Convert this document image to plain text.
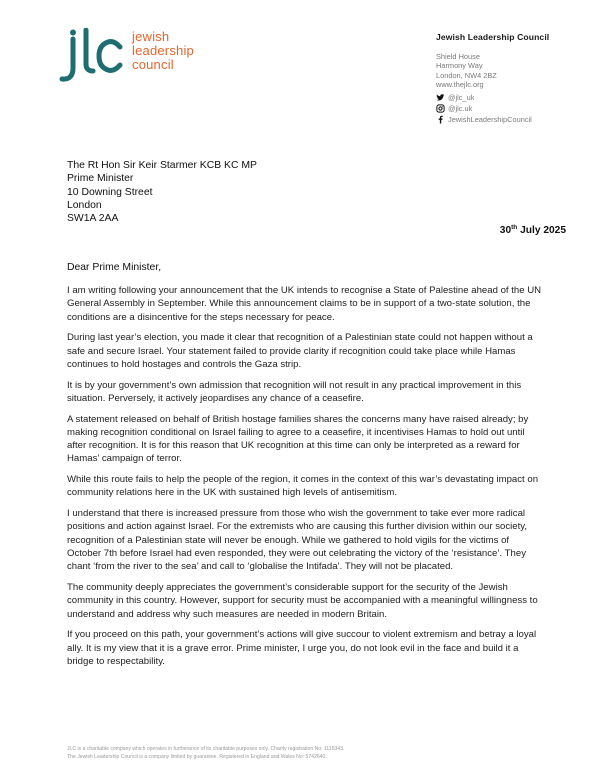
jewish
leadership
council
Jewish Leadership Council
Shield House
Harmony Way
London, NW4 2BZ
www.thejlc.org
@jlc_uk
@jlc.uk
JewishLeadershipCouncil
The Rt Hon Sir Keir Starmer KCB KC MP
Prime Minister
10 Downing Street
London
SW1A 2AA
30th July 2025
Dear Prime Minister,

I am writing following your announcement that the UK intends to recognise a State of Palestine ahead of the UN General Assembly in September. While this announcement claims to be in support of a two-state solution, the conditions are a disincentive for the steps necessary for peace.

During last year’s election, you made it clear that recognition of a Palestinian state could not happen without a safe and secure Israel. Your statement failed to provide clarity if recognition could take place while Hamas continues to hold hostages and controls the Gaza strip.

It is by your government’s own admission that recognition will not result in any practical improvement in this situation. Perversely, it actively jeopardises any chance of a ceasefire.

A statement released on behalf of British hostage families shares the concerns many have raised already; by making recognition conditional on Israel failing to agree to a ceasefire, it incentivises Hamas to hold out until after recognition. It is for this reason that UK recognition at this time can only be interpreted as a reward for Hamas’ campaign of terror.

While this route fails to help the people of the region, it comes in the context of this war’s devastating impact on community relations here in the UK with sustained high levels of antisemitism.

I understand that there is increased pressure from those who wish the government to take ever more radical positions and action against Israel. For the extremists who are causing this further division within our society, recognition of a Palestinian state will never be enough. While we gathered to hold vigils for the victims of October 7th before Israel had even responded, they were out celebrating the victory of the ‘resistance’. They chant ‘from the river to the sea’ and call to ‘globalise the Intifada’. They will not be placated.

The community deeply appreciates the government’s considerable support for the security of the Jewish community in this country. However, support for security must be accompanied with a meaningful willingness to understand and address why such measures are needed in modern Britain.

If you proceed on this path, your government’s actions will give succour to violent extremism and betray a loyal ally. It is my view that it is a grave error. Prime minister, I urge you, do not look evil in the face and build it a bridge to respectability.

JLC is a charitable company which operates in furtherance of its charitable purposes only. Charity registration No: 1115343.
The Jewish Leadership Council is a company limited by guarantee. Registered in England and Wales No: 5742640.
